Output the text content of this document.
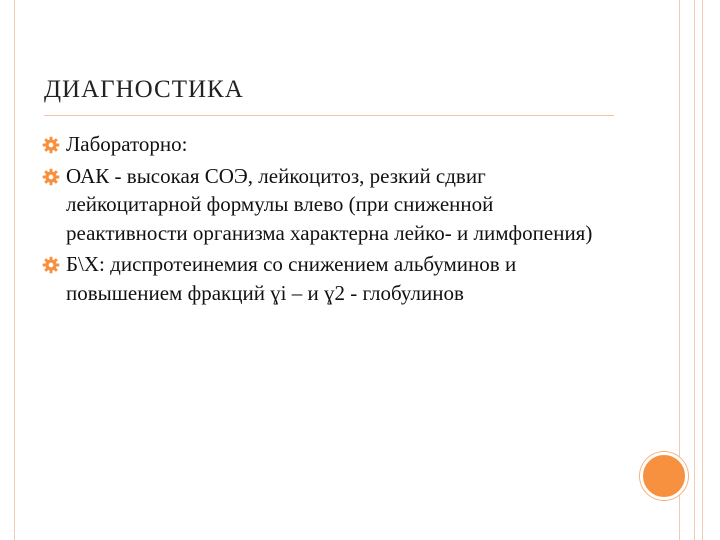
ДИАГНОСТИКА
Лабораторно:
ОАК - высокая СОЭ, лейкоцитоз, резкий сдвиг лейкоцитарной формулы влево (при сниженной реактивности организма характерна лейко- и лимфопения)
Б\Х: диспротеинемия со снижением альбуминов и повышением фракций ɣі – и ɣ2 - глобулинов
